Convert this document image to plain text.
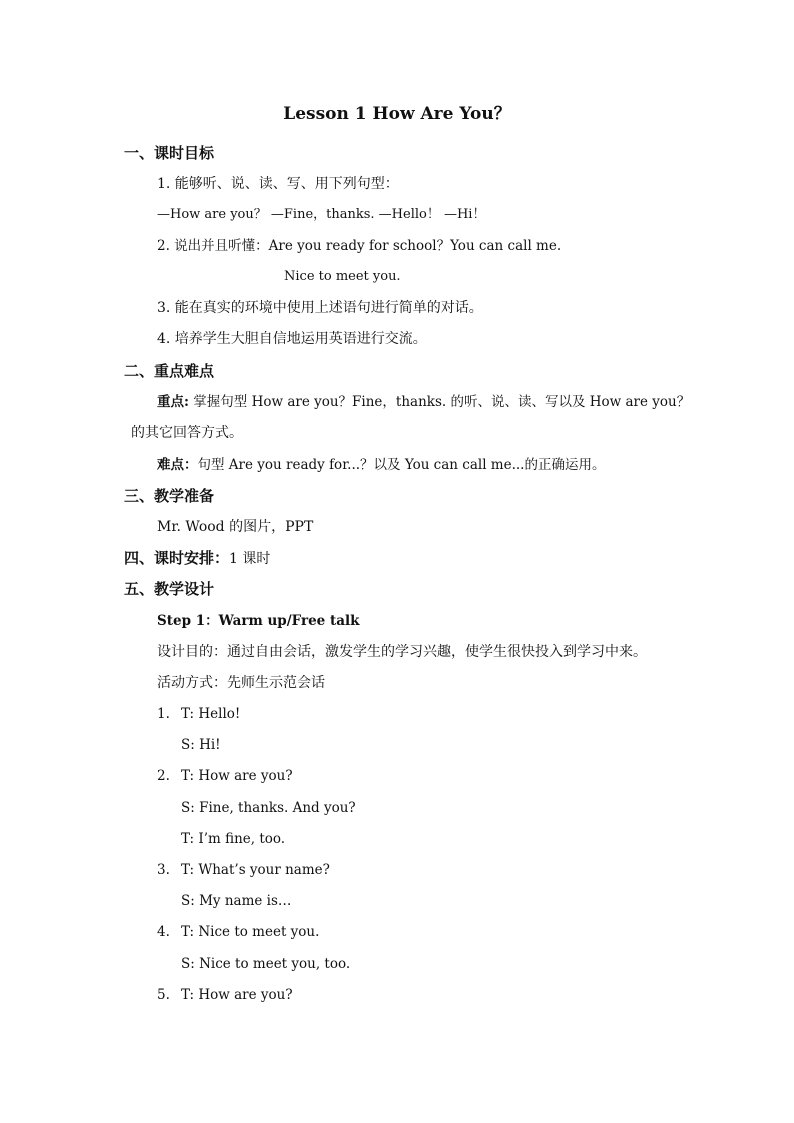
Lesson 1 How Are You？
一、课时目标
1. 能够听、说、读、写、用下列句型：
—How are you？ —Fine，thanks. —Hello！ —Hi！
2. 说出并且听懂：Are you ready for school？You can call me.
Nice to meet you.
3. 能在真实的环境中使用上述语句进行简单的对话。
4. 培养学生大胆自信地运用英语进行交流。
二、重点难点
重点: 掌握句型 How are you？Fine，thanks. 的听、说、读、写以及 How are you？
的其它回答方式。
难点：句型 Are you ready for...？以及 You can call me...的正确运用。
三、教学准备
Mr. Wood 的图片，PPT
四、课时安排：1 课时
五、教学设计
Step 1：Warm up/Free talk
设计目的：通过自由会话，激发学生的学习兴趣，使学生很快投入到学习中来。
活动方式：先师生示范会话
1. T: Hello!
S: Hi!
2. T: How are you?
S: Fine, thanks. And you?
T: I’m fine, too.
3. T: What’s your name?
S: My name is…
4. T: Nice to meet you.
S: Nice to meet you, too.
5. T: How are you?
